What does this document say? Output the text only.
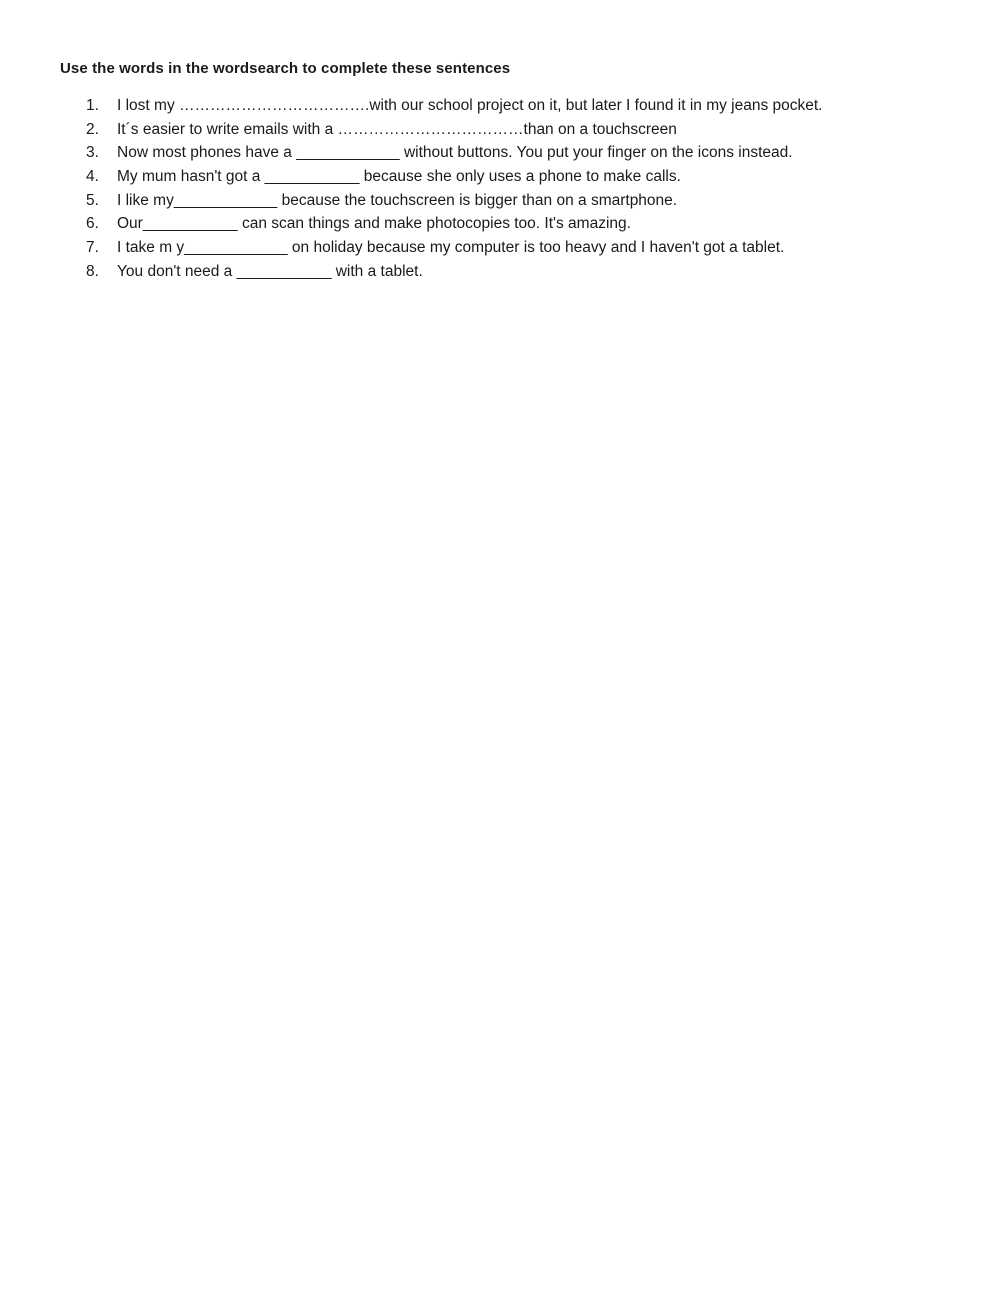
Use the words in the wordsearch to complete these sentences
1.	I lost my ……………………………….with our school project on it, but later I found it in my jeans pocket.
2.	It´s easier to write emails with a ………………………………than on a touchscreen
3.	Now most phones have a ____________ without buttons. You put your finger on the icons instead.
4.	My mum hasn't got a ___________ because she only uses a phone to make calls.
5.	I like my____________ because the touchscreen is bigger than on a smartphone.
6.	Our___________ can scan things and make photocopies too. It's amazing.
7.	I take m y____________ on holiday because my computer is too heavy and I haven't got a tablet.
8.	You don't need a ___________ with a tablet.
